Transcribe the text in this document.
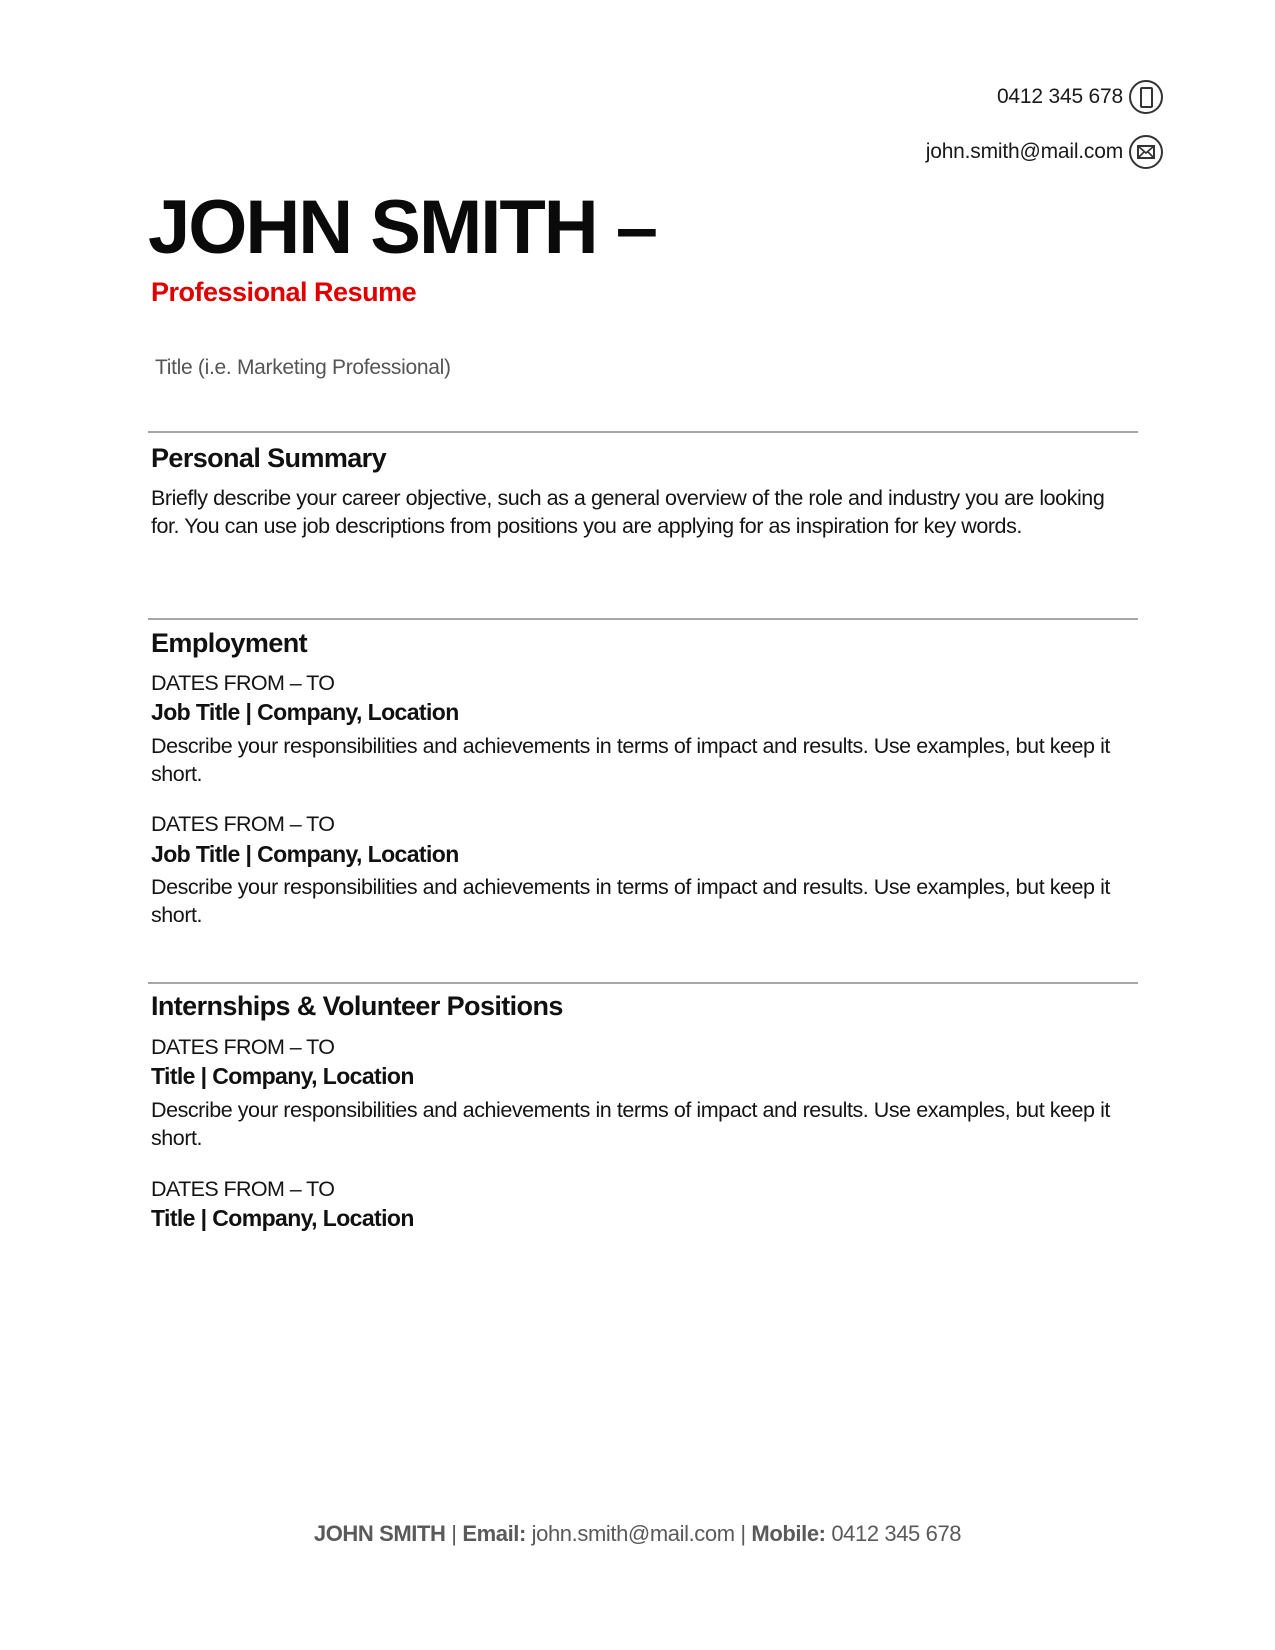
0412 345 678
john.smith@mail.com
JOHN SMITH –
Professional Resume
Title (i.e. Marketing Professional)
Personal Summary
Briefly describe your career objective, such as a general overview of the role and industry you are looking for. You can use job descriptions from positions you are applying for as inspiration for key words.
Employment
DATES FROM – TO
Job Title | Company, Location
Describe your responsibilities and achievements in terms of impact and results. Use examples, but keep it short.
DATES FROM – TO
Job Title | Company, Location
Describe your responsibilities and achievements in terms of impact and results. Use examples, but keep it short.
Internships & Volunteer Positions
DATES FROM – TO
Title | Company, Location
Describe your responsibilities and achievements in terms of impact and results. Use examples, but keep it short.
DATES FROM – TO
Title | Company, Location
JOHN SMITH | Email: john.smith@mail.com | Mobile: 0412 345 678
